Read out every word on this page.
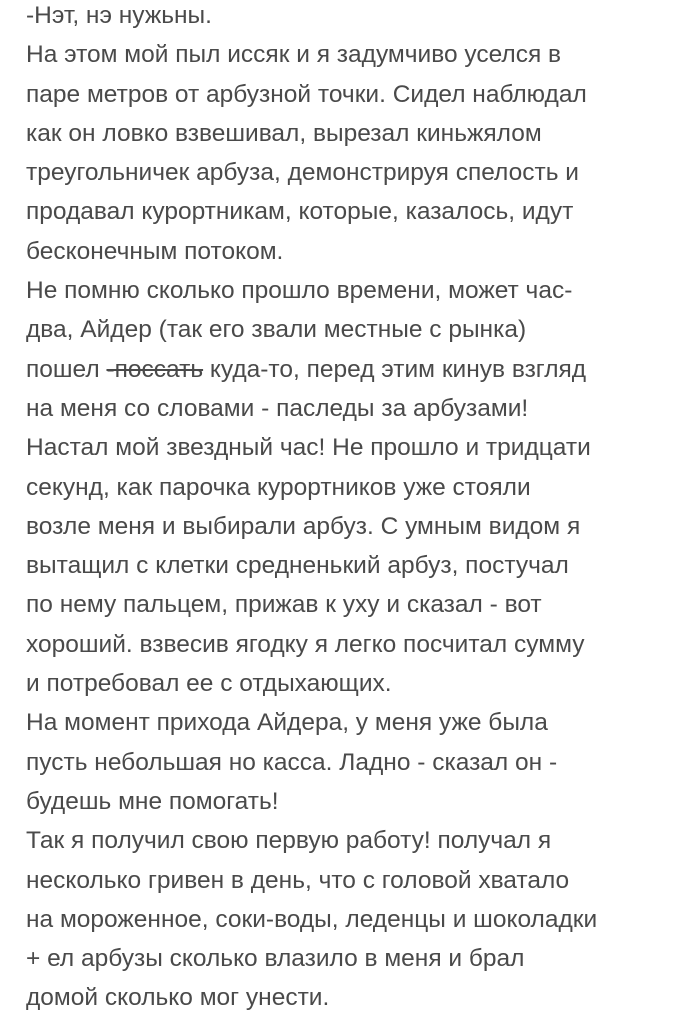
-Нэт, нэ нужьны.
На этом мой пыл иссяк и я задумчиво уселся в
паре метров от арбузной точки. Сидел наблюдал
как он ловко взвешивал, вырезал киньжялом
треугольничек арбуза, демонстрируя спелость и
продавал курортникам, которые, казалось, идут
бесконечным потоком.
Не помню сколько прошло времени, может час-
два, Айдер (так его звали местные с рынка)
пошел -поссать куда-то, перед этим кинув взгляд
на меня со словами - паследы за арбузами!
Настал мой звездный час! Не прошло и тридцати
секунд, как парочка курортников уже стояли
возле меня и выбирали арбуз. С умным видом я
вытащил с клетки средненький арбуз, постучал
по нему пальцем, прижав к уху и сказал - вот
хороший. взвесив ягодку я легко посчитал сумму
и потребовал ее с отдыхающих.
На момент прихода Айдера, у меня уже была
пусть небольшая но касса. Ладно - сказал он -
будешь мне помогать!
Так я получил свою первую работу! получал я
несколько гривен в день, что с головой хватало
на мороженное, соки-воды, леденцы и шоколадки
+ ел арбузы сколько влазило в меня и брал
домой сколько мог унести.
